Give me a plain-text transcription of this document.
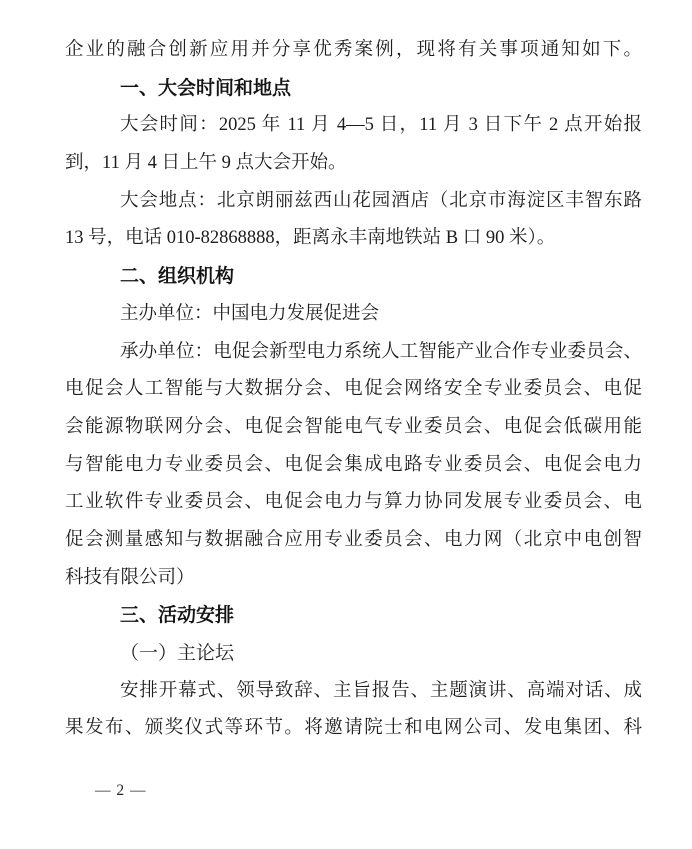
企业的融合创新应用并分享优秀案例，现将有关事项通知如下。
一、大会时间和地点
大会时间：2025 年 11 月 4—5 日，11 月 3 日下午 2 点开始报
到，11 月 4 日上午 9 点大会开始。
大会地点：北京朗丽兹西山花园酒店（北京市海淀区丰智东路
13 号，电话 010-82868888，距离永丰南地铁站 B 口 90 米）。
二、组织机构
主办单位：中国电力发展促进会
承办单位：电促会新型电力系统人工智能产业合作专业委员会、
电促会人工智能与大数据分会、电促会网络安全专业委员会、电促
会能源物联网分会、电促会智能电气专业委员会、电促会低碳用能
与智能电力专业委员会、电促会集成电路专业委员会、电促会电力
工业软件专业委员会、电促会电力与算力协同发展专业委员会、电
促会测量感知与数据融合应用专业委员会、电力网（北京中电创智
科技有限公司）
三、活动安排
（一）主论坛
安排开幕式、领导致辞、主旨报告、主题演讲、高端对话、成
果发布、颁奖仪式等环节。将邀请院士和电网公司、发电集团、科
— 2 —
